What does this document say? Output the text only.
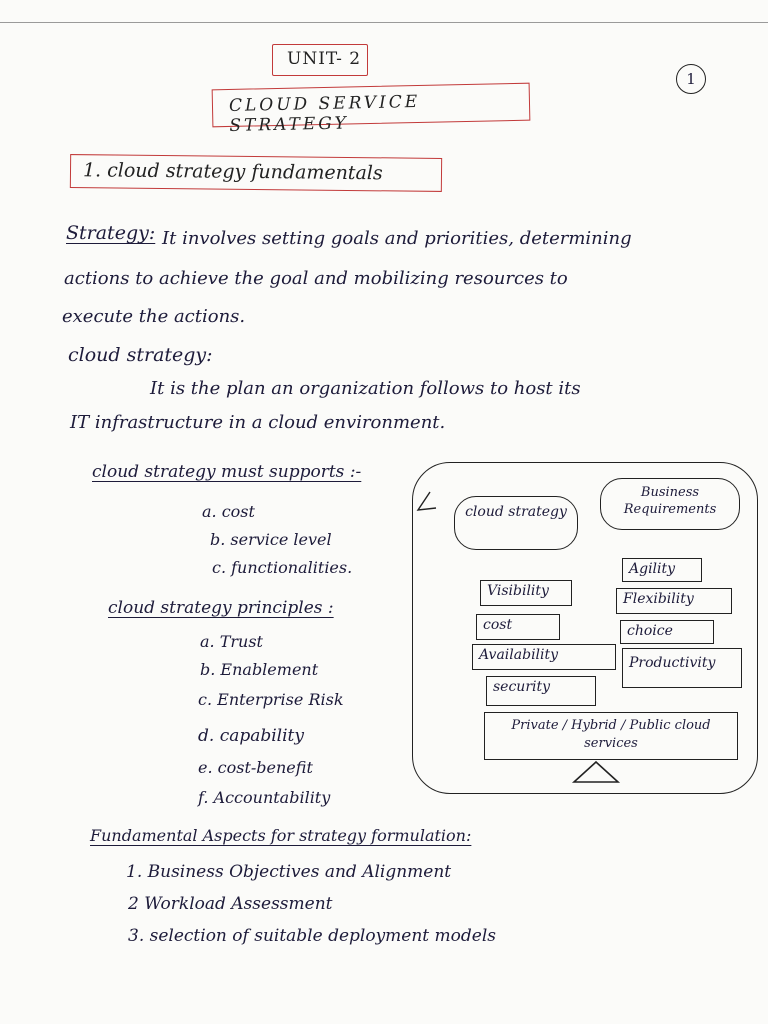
UNIT- 2
1
CLOUD SERVICE STRATEGY
1. cloud strategy fundamentals
Strategy: It involves setting goals and priorities, determining
actions to achieve the goal and mobilizing resources to
execute the actions.
cloud strategy:
It is the plan an organization follows to host its
IT infrastructure in a cloud environment.
cloud strategy must supports :-
a. cost
b. service level
c. functionalities.
cloud strategy principles :
a. Trust
b. Enablement
c. Enterprise Risk
d. capability
e. cost-benefit
f. Accountability
Fundamental Aspects for strategy formulation:
1. Business Objectives and Alignment
2 Workload Assessment
3. selection of suitable deployment models
cloud strategy
Business Requirements
Visibility
cost
Availability
security
Agility
Flexibility
choice
Productivity
Private / Hybrid / Public cloud services
